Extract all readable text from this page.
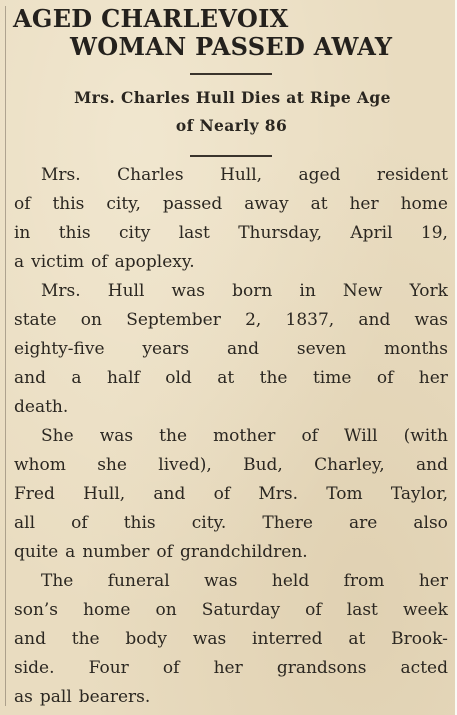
AGED CHARLEVOIX
WOMAN PASSED AWAY
Mrs. Charles Hull Dies at Ripe Age
of Nearly 86
Mrs. Charles Hull, aged resident
of this city, passed away at her home
in this city last Thursday, April 19,
a victim of apoplexy.
Mrs. Hull was born in New York
state on September 2, 1837, and was
eighty-five years and seven months
and a half old at the time of her
death.
She was the mother of Will (with
whom she lived), Bud, Charley, and
Fred Hull, and of Mrs. Tom Taylor,
all of this city. There are also
quite a number of grandchildren.
The funeral was held from her
son’s home on Saturday of last week
and the body was interred at Brook-
side. Four of her grandsons acted
as pall bearers.
